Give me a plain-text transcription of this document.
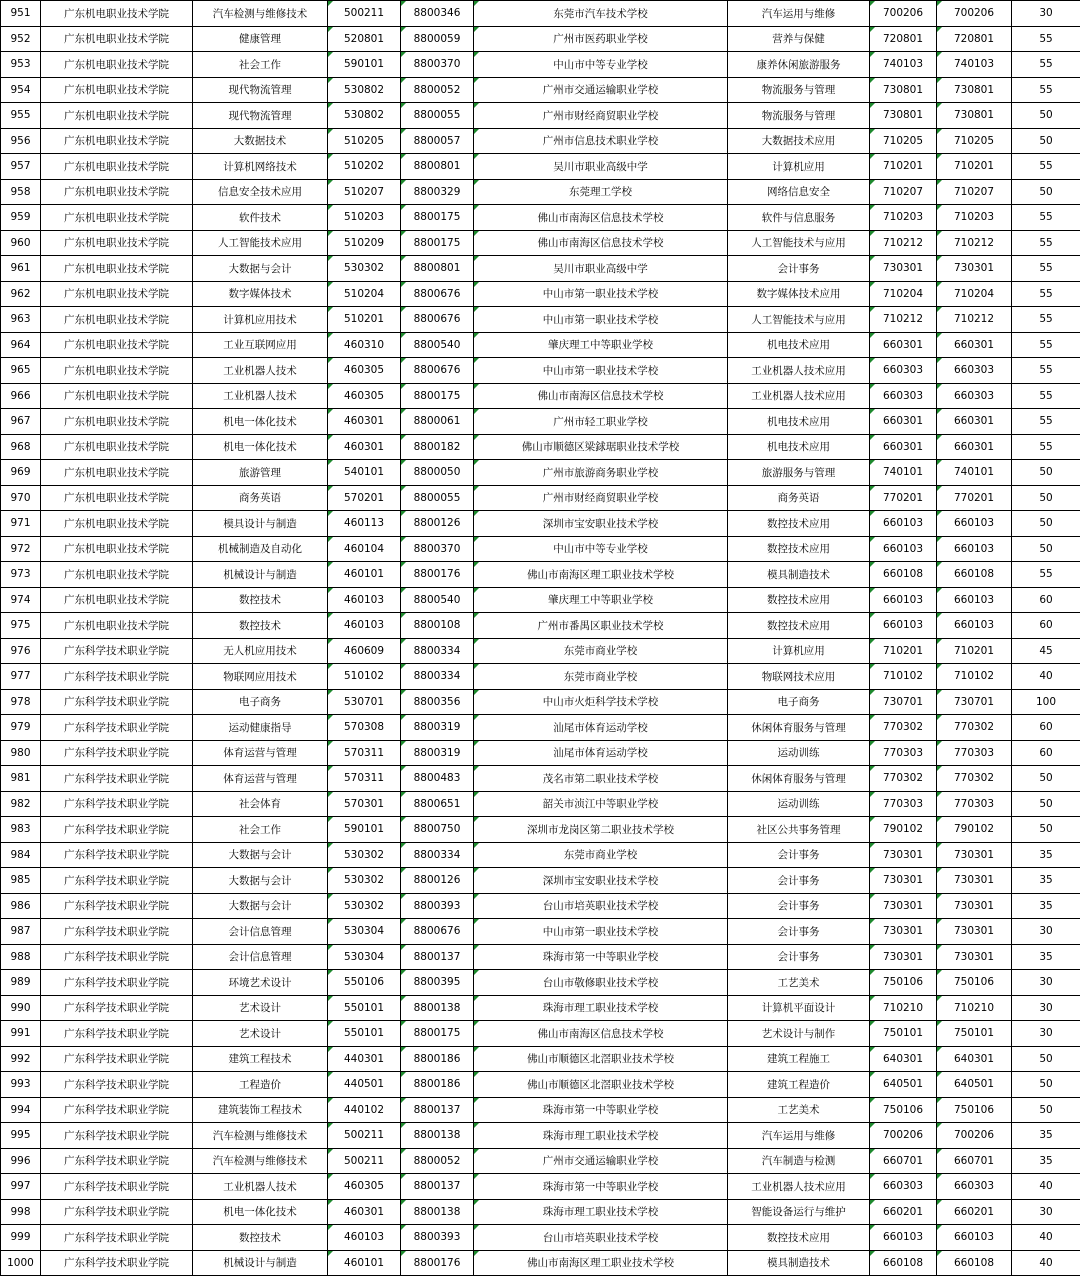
951	广东机电职业技术学院	汽车检测与维修技术	500211	8800346	东莞市汽车技术学校	汽车运用与维修	700206	700206	30
952	广东机电职业技术学院	健康管理	520801	8800059	广州市医药职业学校	营养与保健	720801	720801	55
953	广东机电职业技术学院	社会工作	590101	8800370	中山市中等专业学校	康养休闲旅游服务	740103	740103	55
954	广东机电职业技术学院	现代物流管理	530802	8800052	广州市交通运输职业学校	物流服务与管理	730801	730801	55
955	广东机电职业技术学院	现代物流管理	530802	8800055	广州市财经商贸职业学校	物流服务与管理	730801	730801	50
956	广东机电职业技术学院	大数据技术	510205	8800057	广州市信息技术职业学校	大数据技术应用	710205	710205	50
957	广东机电职业技术学院	计算机网络技术	510202	8800801	吴川市职业高级中学	计算机应用	710201	710201	55
958	广东机电职业技术学院	信息安全技术应用	510207	8800329	东莞理工学校	网络信息安全	710207	710207	50
959	广东机电职业技术学院	软件技术	510203	8800175	佛山市南海区信息技术学校	软件与信息服务	710203	710203	55
960	广东机电职业技术学院	人工智能技术应用	510209	8800175	佛山市南海区信息技术学校	人工智能技术与应用	710212	710212	55
961	广东机电职业技术学院	大数据与会计	530302	8800801	吴川市职业高级中学	会计事务	730301	730301	55
962	广东机电职业技术学院	数字媒体技术	510204	8800676	中山市第一职业技术学校	数字媒体技术应用	710204	710204	55
963	广东机电职业技术学院	计算机应用技术	510201	8800676	中山市第一职业技术学校	人工智能技术与应用	710212	710212	55
964	广东机电职业技术学院	工业互联网应用	460310	8800540	肇庆理工中等职业学校	机电技术应用	660301	660301	55
965	广东机电职业技术学院	工业机器人技术	460305	8800676	中山市第一职业技术学校	工业机器人技术应用	660303	660303	55
966	广东机电职业技术学院	工业机器人技术	460305	8800175	佛山市南海区信息技术学校	工业机器人技术应用	660303	660303	55
967	广东机电职业技术学院	机电一体化技术	460301	8800061	广州市轻工职业学校	机电技术应用	660301	660301	55
968	广东机电职业技术学院	机电一体化技术	460301	8800182	佛山市顺德区梁銶琚职业技术学校	机电技术应用	660301	660301	55
969	广东机电职业技术学院	旅游管理	540101	8800050	广州市旅游商务职业学校	旅游服务与管理	740101	740101	50
970	广东机电职业技术学院	商务英语	570201	8800055	广州市财经商贸职业学校	商务英语	770201	770201	50
971	广东机电职业技术学院	模具设计与制造	460113	8800126	深圳市宝安职业技术学校	数控技术应用	660103	660103	50
972	广东机电职业技术学院	机械制造及自动化	460104	8800370	中山市中等专业学校	数控技术应用	660103	660103	50
973	广东机电职业技术学院	机械设计与制造	460101	8800176	佛山市南海区理工职业技术学校	模具制造技术	660108	660108	55
974	广东机电职业技术学院	数控技术	460103	8800540	肇庆理工中等职业学校	数控技术应用	660103	660103	60
975	广东机电职业技术学院	数控技术	460103	8800108	广州市番禺区职业技术学校	数控技术应用	660103	660103	60
976	广东科学技术职业学院	无人机应用技术	460609	8800334	东莞市商业学校	计算机应用	710201	710201	45
977	广东科学技术职业学院	物联网应用技术	510102	8800334	东莞市商业学校	物联网技术应用	710102	710102	40
978	广东科学技术职业学院	电子商务	530701	8800356	中山市火炬科学技术学校	电子商务	730701	730701	100
979	广东科学技术职业学院	运动健康指导	570308	8800319	汕尾市体育运动学校	休闲体育服务与管理	770302	770302	60
980	广东科学技术职业学院	体育运营与管理	570311	8800319	汕尾市体育运动学校	运动训练	770303	770303	60
981	广东科学技术职业学院	体育运营与管理	570311	8800483	茂名市第二职业技术学校	休闲体育服务与管理	770302	770302	50
982	广东科学技术职业学院	社会体育	570301	8800651	韶关市浈江中等职业学校	运动训练	770303	770303	50
983	广东科学技术职业学院	社会工作	590101	8800750	深圳市龙岗区第二职业技术学校	社区公共事务管理	790102	790102	50
984	广东科学技术职业学院	大数据与会计	530302	8800334	东莞市商业学校	会计事务	730301	730301	35
985	广东科学技术职业学院	大数据与会计	530302	8800126	深圳市宝安职业技术学校	会计事务	730301	730301	35
986	广东科学技术职业学院	大数据与会计	530302	8800393	台山市培英职业技术学校	会计事务	730301	730301	35
987	广东科学技术职业学院	会计信息管理	530304	8800676	中山市第一职业技术学校	会计事务	730301	730301	30
988	广东科学技术职业学院	会计信息管理	530304	8800137	珠海市第一中等职业学校	会计事务	730301	730301	35
989	广东科学技术职业学院	环境艺术设计	550106	8800395	台山市敬修职业技术学校	工艺美术	750106	750106	30
990	广东科学技术职业学院	艺术设计	550101	8800138	珠海市理工职业技术学校	计算机平面设计	710210	710210	30
991	广东科学技术职业学院	艺术设计	550101	8800175	佛山市南海区信息技术学校	艺术设计与制作	750101	750101	30
992	广东科学技术职业学院	建筑工程技术	440301	8800186	佛山市顺德区北滘职业技术学校	建筑工程施工	640301	640301	50
993	广东科学技术职业学院	工程造价	440501	8800186	佛山市顺德区北滘职业技术学校	建筑工程造价	640501	640501	50
994	广东科学技术职业学院	建筑装饰工程技术	440102	8800137	珠海市第一中等职业学校	工艺美术	750106	750106	50
995	广东科学技术职业学院	汽车检测与维修技术	500211	8800138	珠海市理工职业技术学校	汽车运用与维修	700206	700206	35
996	广东科学技术职业学院	汽车检测与维修技术	500211	8800052	广州市交通运输职业学校	汽车制造与检测	660701	660701	35
997	广东科学技术职业学院	工业机器人技术	460305	8800137	珠海市第一中等职业学校	工业机器人技术应用	660303	660303	40
998	广东科学技术职业学院	机电一体化技术	460301	8800138	珠海市理工职业技术学校	智能设备运行与维护	660201	660201	30
999	广东科学技术职业学院	数控技术	460103	8800393	台山市培英职业技术学校	数控技术应用	660103	660103	40
1000	广东科学技术职业学院	机械设计与制造	460101	8800176	佛山市南海区理工职业技术学校	模具制造技术	660108	660108	40
